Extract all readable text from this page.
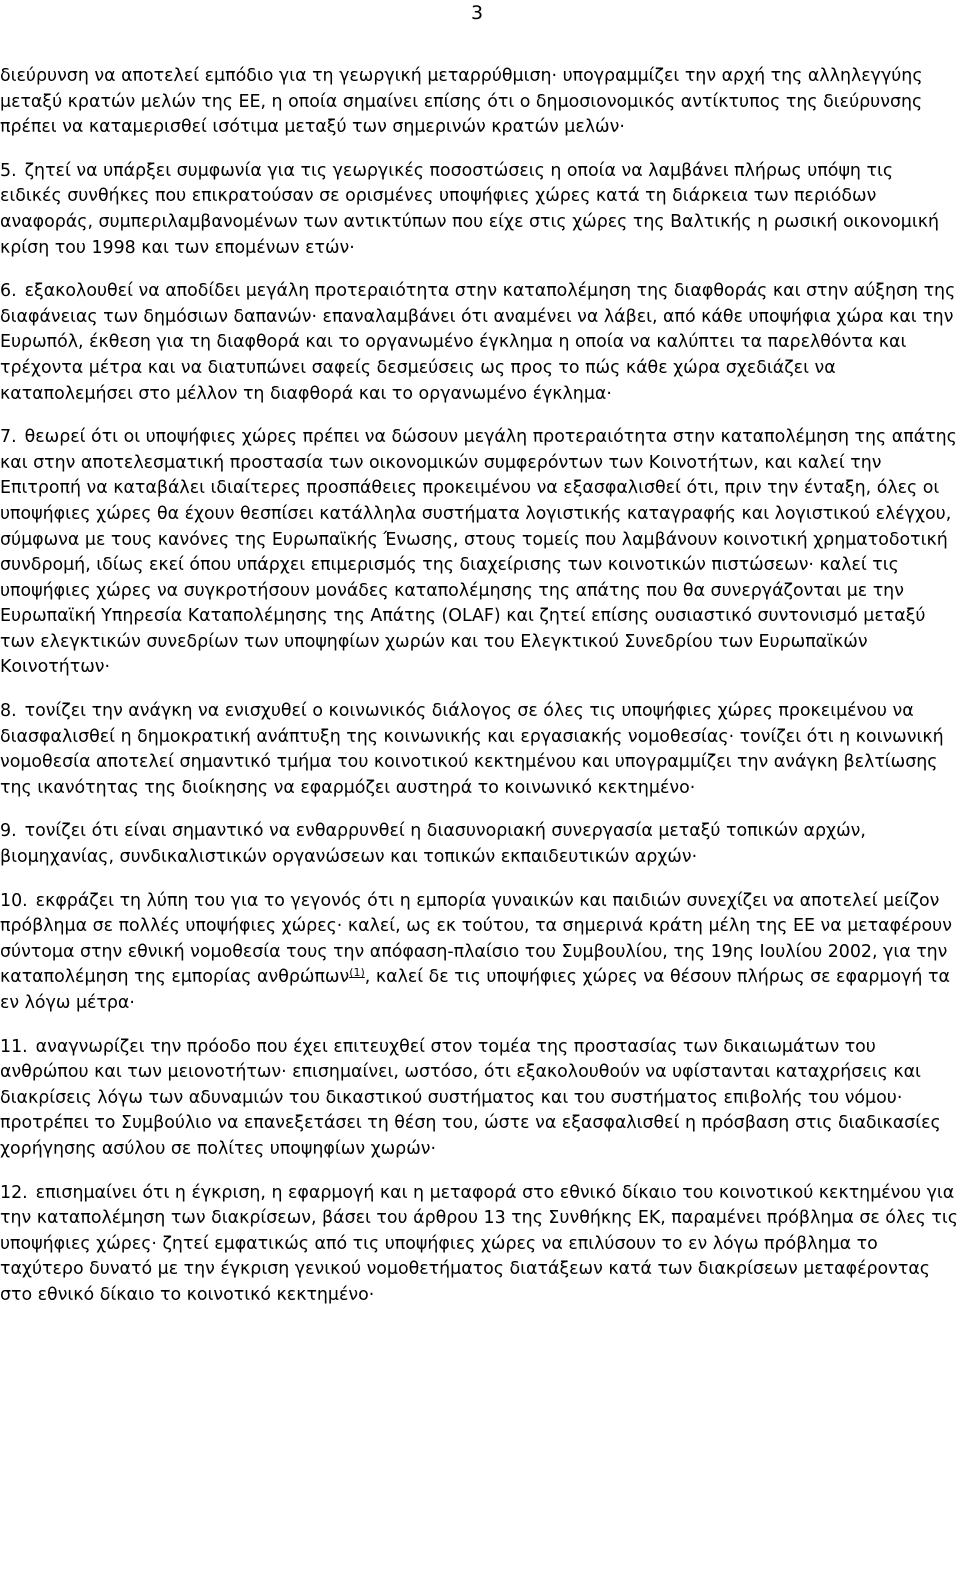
3

διεύρυνση να αποτελεί εμπόδιο για τη γεωργική μεταρρύθμιση· υπογραμμίζει την αρχή της αλληλεγγύης μεταξύ κρατών μελών της ΕΕ, η οποία σημαίνει επίσης ότι ο δημοσιονομικός αντίκτυπος της διεύρυνσης πρέπει να καταμερισθεί ισότιμα μεταξύ των σημερινών κρατών μελών·

5. ζητεί να υπάρξει συμφωνία για τις γεωργικές ποσοστώσεις η οποία να λαμβάνει πλήρως υπόψη τις ειδικές συνθήκες που επικρατούσαν σε ορισμένες υποψήφιες χώρες κατά τη διάρκεια των περιόδων αναφοράς, συμπεριλαμβανομένων των αντικτύπων που είχε στις χώρες της Βαλτικής η ρωσική οικονομική κρίση του 1998 και των επομένων ετών·

6. εξακολουθεί να αποδίδει μεγάλη προτεραιότητα στην καταπολέμηση της διαφθοράς και στην αύξηση της διαφάνειας των δημόσιων δαπανών· επαναλαμβάνει ότι αναμένει να λάβει, από κάθε υποψήφια χώρα και την Ευρωπόλ, έκθεση για τη διαφθορά και το οργανωμένο έγκλημα η οποία να καλύπτει τα παρελθόντα και τρέχοντα μέτρα και να διατυπώνει σαφείς δεσμεύσεις ως προς το πώς κάθε χώρα σχεδιάζει να καταπολεμήσει στο μέλλον τη διαφθορά και το οργανωμένο έγκλημα·

7. θεωρεί ότι οι υποψήφιες χώρες πρέπει να δώσουν μεγάλη προτεραιότητα στην καταπολέμηση της απάτης και στην αποτελεσματική προστασία των οικονομικών συμφερόντων των Κοινοτήτων, και καλεί την Επιτροπή να καταβάλει ιδιαίτερες προσπάθειες προκειμένου να εξασφαλισθεί ότι, πριν την ένταξη, όλες οι υποψήφιες χώρες θα έχουν θεσπίσει κατάλληλα συστήματα λογιστικής καταγραφής και λογιστικού ελέγχου, σύμφωνα με τους κανόνες της Ευρωπαϊκής Ένωσης, στους τομείς που λαμβάνουν κοινοτική χρηματοδοτική συνδρομή, ιδίως εκεί όπου υπάρχει επιμερισμός της διαχείρισης των κοινοτικών πιστώσεων· καλεί τις υποψήφιες χώρες να συγκροτήσουν μονάδες καταπολέμησης της απάτης που θα συνεργάζονται με την Ευρωπαϊκή Υπηρεσία Καταπολέμησης της Απάτης (OLAF) και ζητεί επίσης ουσιαστικό συντονισμό μεταξύ των ελεγκτικών συνεδρίων των υποψηφίων χωρών και του Ελεγκτικού Συνεδρίου των Ευρωπαϊκών Κοινοτήτων·

8. τονίζει την ανάγκη να ενισχυθεί ο κοινωνικός διάλογος σε όλες τις υποψήφιες χώρες προκειμένου να διασφαλισθεί η δημοκρατική ανάπτυξη της κοινωνικής και εργασιακής νομοθεσίας· τονίζει ότι η κοινωνική νομοθεσία αποτελεί σημαντικό τμήμα του κοινοτικού κεκτημένου και υπογραμμίζει την ανάγκη βελτίωσης της ικανότητας της διοίκησης να εφαρμόζει αυστηρά το κοινωνικό κεκτημένο·

9. τονίζει ότι είναι σημαντικό να ενθαρρυνθεί η διασυνοριακή συνεργασία μεταξύ τοπικών αρχών, βιομηχανίας, συνδικαλιστικών οργανώσεων και τοπικών εκπαιδευτικών αρχών·

10. εκφράζει τη λύπη του για το γεγονός ότι η εμπορία γυναικών και παιδιών συνεχίζει να αποτελεί μείζον πρόβλημα σε πολλές υποψήφιες χώρες· καλεί, ως εκ τούτου, τα σημερινά κράτη μέλη της ΕΕ να μεταφέρουν σύντομα στην εθνική νομοθεσία τους την απόφαση-πλαίσιο του Συμβουλίου, της 19ης Ιουλίου 2002, για την καταπολέμηση της εμπορίας ανθρώπων$^{(1)}$, καλεί δε τις υποψήφιες χώρες να θέσουν πλήρως σε εφαρμογή τα εν λόγω μέτρα·

11. αναγνωρίζει την πρόοδο που έχει επιτευχθεί στον τομέα της προστασίας των δικαιωμάτων του ανθρώπου και των μειονοτήτων· επισημαίνει, ωστόσο, ότι εξακολουθούν να υφίστανται καταχρήσεις και διακρίσεις λόγω των αδυναμιών του δικαστικού συστήματος και του συστήματος επιβολής του νόμου· προτρέπει το Συμβούλιο να επανεξετάσει τη θέση του, ώστε να εξασφαλισθεί η πρόσβαση στις διαδικασίες χορήγησης ασύλου σε πολίτες υποψηφίων χωρών·

12. επισημαίνει ότι η έγκριση, η εφαρμογή και η μεταφορά στο εθνικό δίκαιο του κοινοτικού κεκτημένου για την καταπολέμηση των διακρίσεων, βάσει του άρθρου 13 της Συνθήκης ΕΚ, παραμένει πρόβλημα σε όλες τις υποψήφιες χώρες· ζητεί εμφατικώς από τις υποψήφιες χώρες να επιλύσουν το εν λόγω πρόβλημα το ταχύτερο δυνατό με την έγκριση γενικού νομοθετήματος διατάξεων κατά των διακρίσεων μεταφέροντας στο εθνικό δίκαιο το κοινοτικό κεκτημένο·
